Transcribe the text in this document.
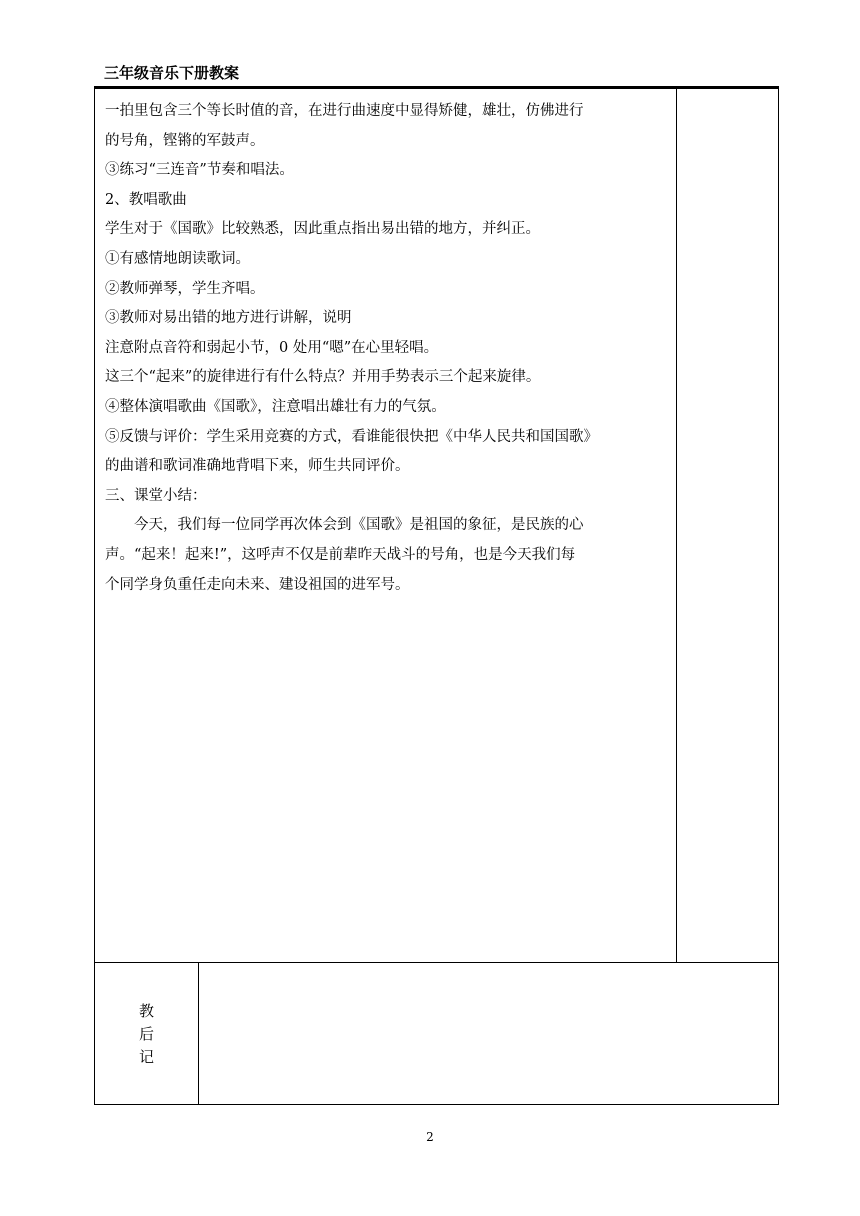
三年级音乐下册教案
一拍里包含三个等长时值的音，在进行曲速度中显得矫健，雄壮，仿佛进行
的号角，铿锵的军鼓声。
③练习“三连音”节奏和唱法。
2、教唱歌曲
学生对于《国歌》比较熟悉，因此重点指出易出错的地方，并纠正。
①有感情地朗读歌词。
②教师弹琴，学生齐唱。
③教师对易出错的地方进行讲解，说明
注意附点音符和弱起小节，0 处用“嗯”在心里轻唱。
这三个“起来”的旋律进行有什么特点？并用手势表示三个起来旋律。
④整体演唱歌曲《国歌》，注意唱出雄壮有力的气氛。
⑤反馈与评价：学生采用竞赛的方式，看谁能很快把《中华人民共和国国歌》
的曲谱和歌词准确地背唱下来，师生共同评价。
三、课堂小结：
今天，我们每一位同学再次体会到《国歌》是祖国的象征，是民族的心
声。“起来！起来!”，这呼声不仅是前辈昨天战斗的号角，也是今天我们每
个同学身负重任走向未来、建设祖国的进军号。
教
后
记
2
